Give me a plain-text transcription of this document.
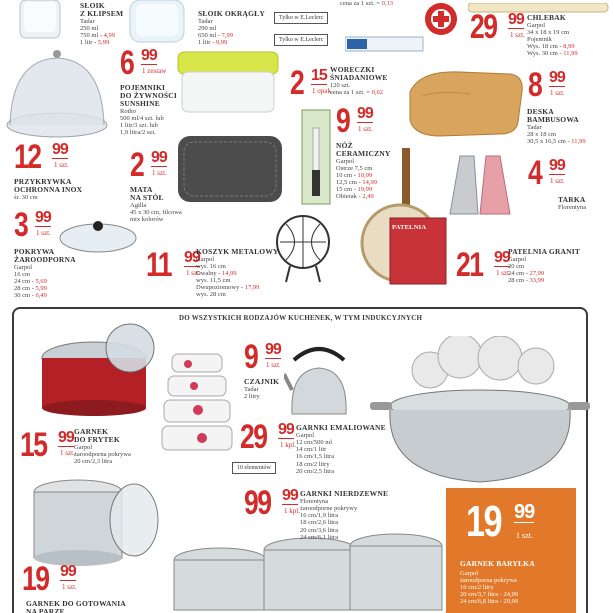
SŁOIK
Z KLIPSEM
Tadar
250 ml
750 ml - 4,99
1 litr - 5,99
SŁOIK OKRĄGŁY
Tadar
290 ml
650 ml - 7,99
1 litr - 9,99
Tylko w E.Leclerc
Tylko w E.Leclerc
cena za 1 szt. = 0,13
6 99
1 zestaw
POJEMNIKI
DO ŻYWNOŚCI
SUNSHINE
Rotho
500 ml/4 szt. lub
1 litr/3 szt. lub
1,9 litra/2 szt.
2 15
1 opak.
WORECZKI
ŚNIADANIOWE
120 szt.
cena za 1 szt. = 0,02
29 99
1 szt.
CHLEBAK
Garpol
34 x 18 x 19 cm
Pojemnik
Wys. 18 cm - 8,99
Wys. 30 cm - 11,99
8 99
1 szt.
DESKA
BAMBUSOWA
Tadar
28 x 18 cm
30,5 x 16,5 cm - 11,99
12 99
1 szt.
PRZYKRYWKA
OCHRONNA INOX
śr. 30 cm
2 99
1 szt.
MATA
NA STÓŁ
Agilla
45 x 30 cm, filcowa
mix kolorów
9 99
1 szt.
NÓŻ
CERAMICZNY
Garpol
Ostrze 7,5 cm
10 cm - 10,99
12,5 cm - 14,99
15 cm - 19,99
Obierak - 2,49
4 99
1 szt.
TARKA
Florentyna
3 99
1 szt.
POKRYWA
ŻAROODPORNA
Garpol
16 cm
24 cm - 5,69
28 cm - 5,99
30 cm - 6,49
11 99
1 szt.
KOSZYK METALOWY
Garpol
wys. 16 cm
Owalny - 14,99
wys. 11,5 cm
Dwupoziomowy - 17,99
wys. 28 cm
PATELNIA
21 99
1 szt.
PATELNIA GRANIT
Garpol
20 cm
24 cm - 27,99
28 cm - 33,99
DO WSZYSTKICH RODZAJÓW KUCHENEK, W TYM INDUKCYJNYCH
15 99
1 szt.
GARNEK
DO FRYTEK
Garpol
żaroodporna pokrywa
20 cm/2,3 litra
10 elementów
9 99
1 szt.
CZAJNIK
Tadar
2 litry
29 99
1 kpl.
GARNKI EMALIOWANE
Garpol
12 cm/500 ml
14 cm/1 litr
16 cm/1,5 litra
18 cm/2 litry
20 cm/2,5 litra
19 99
1 szt.
GARNEK BARYŁKA
Garpol
żaroodporna pokrywa
16 cm/2 litry
20 cm/3,7 litra - 24,99
24 cm/6,8 litra - 29,99
19 99
1 szt.
GARNEK DO GOTOWANIA
NA PARZE
99 99
1 kpl.
GARNKI NIERDZEWNE
Florentyna
żaroodporne pokrywy
16 cm/1,9 litra
18 cm/2,6 litra
20 cm/3,6 litra
24 cm/6,1 litra
